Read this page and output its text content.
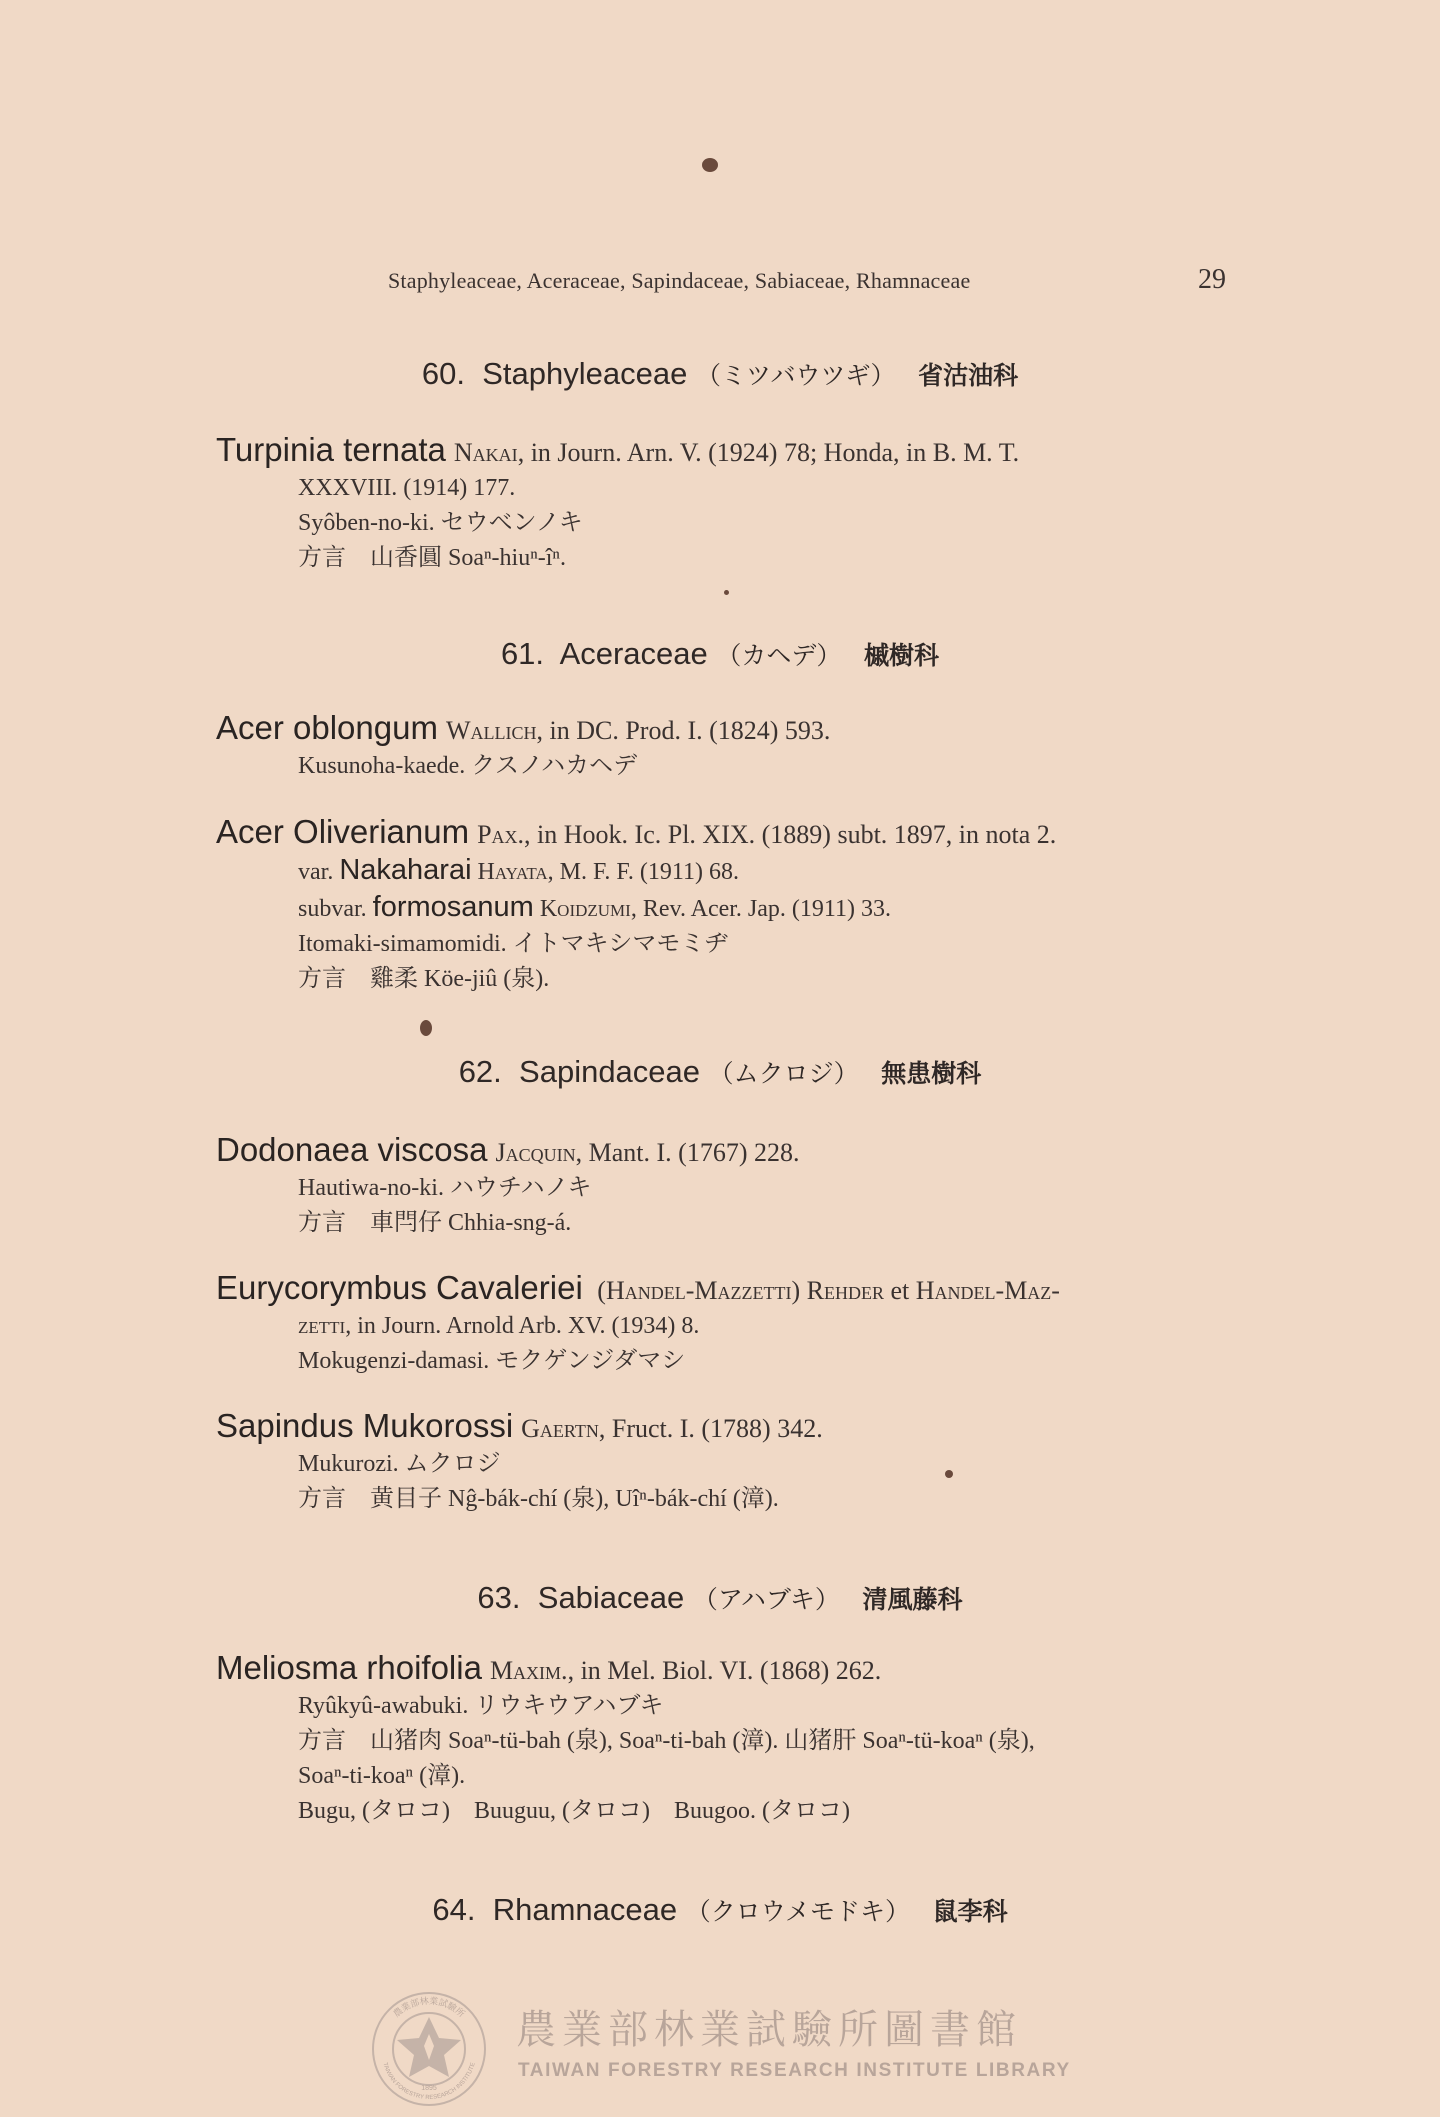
Staphyleaceae, Aceraceae, Sapindaceae, Sabiaceae, Rhamnaceae	29
60. Staphyleaceae （ミツバウツギ） 省沽油科
Turpinia ternata Nakai, in Journ. Arn. V. (1924) 78; Honda, in B. M. T.
XXXVIII. (1914) 177.
Syôben-no-ki. セウベンノキ
方言　山香圓 Soaⁿ-hiuⁿ-îⁿ.
61. Aceraceae （カヘデ） 槭樹科
Acer oblongum Wallich, in DC. Prod. I. (1824) 593.
Kusunoha-kaede. クスノハカヘデ
Acer Oliverianum Pax., in Hook. Ic. Pl. XIX. (1889) subt. 1897, in nota 2.
var. Nakaharai Hayata, M. F. F. (1911) 68.
subvar. formosanum Koidzumi, Rev. Acer. Jap. (1911) 33.
Itomaki-simamomidi. イトマキシマモミヂ
方言　雞柔 Köe-jiû (泉).
62. Sapindaceae （ムクロジ） 無患樹科
Dodonaea viscosa Jacquin, Mant. I. (1767) 228.
Hautiwa-no-ki. ハウチハノキ
方言　車閂仔 Chhia-sng-á.
Eurycorymbus Cavaleriei (Handel-Mazzetti) Rehder et Handel-Maz-
zetti, in Journ. Arnold Arb. XV. (1934) 8.
Mokugenzi-damasi. モクゲンジダマシ
Sapindus Mukorossi Gaertn, Fruct. I. (1788) 342.
Mukurozi. ムクロジ
方言　黄目子 Nĝ-bák-chí (泉), Uîⁿ-bák-chí (漳).
63. Sabiaceae （アハブキ） 清風藤科
Meliosma rhoifolia Maxim., in Mel. Biol. VI. (1868) 262.
Ryûkyû-awabuki. リウキウアハブキ
方言　山猪肉 Soaⁿ-tü-bah (泉), Soaⁿ-ti-bah (漳). 山猪肝 Soaⁿ-tü-koaⁿ (泉),
Soaⁿ-ti-koaⁿ (漳).
Bugu, (タロコ)　Buuguu, (タロコ)　Buugoo. (タロコ)
64. Rhamnaceae （クロウメモドキ） 鼠李科
農業部林業試驗所
TAIWAN FORESTRY RESEARCH INSTITUTE
1895
農業部林業試驗所圖書館
TAIWAN FORESTRY RESEARCH INSTITUTE LIBRARY
